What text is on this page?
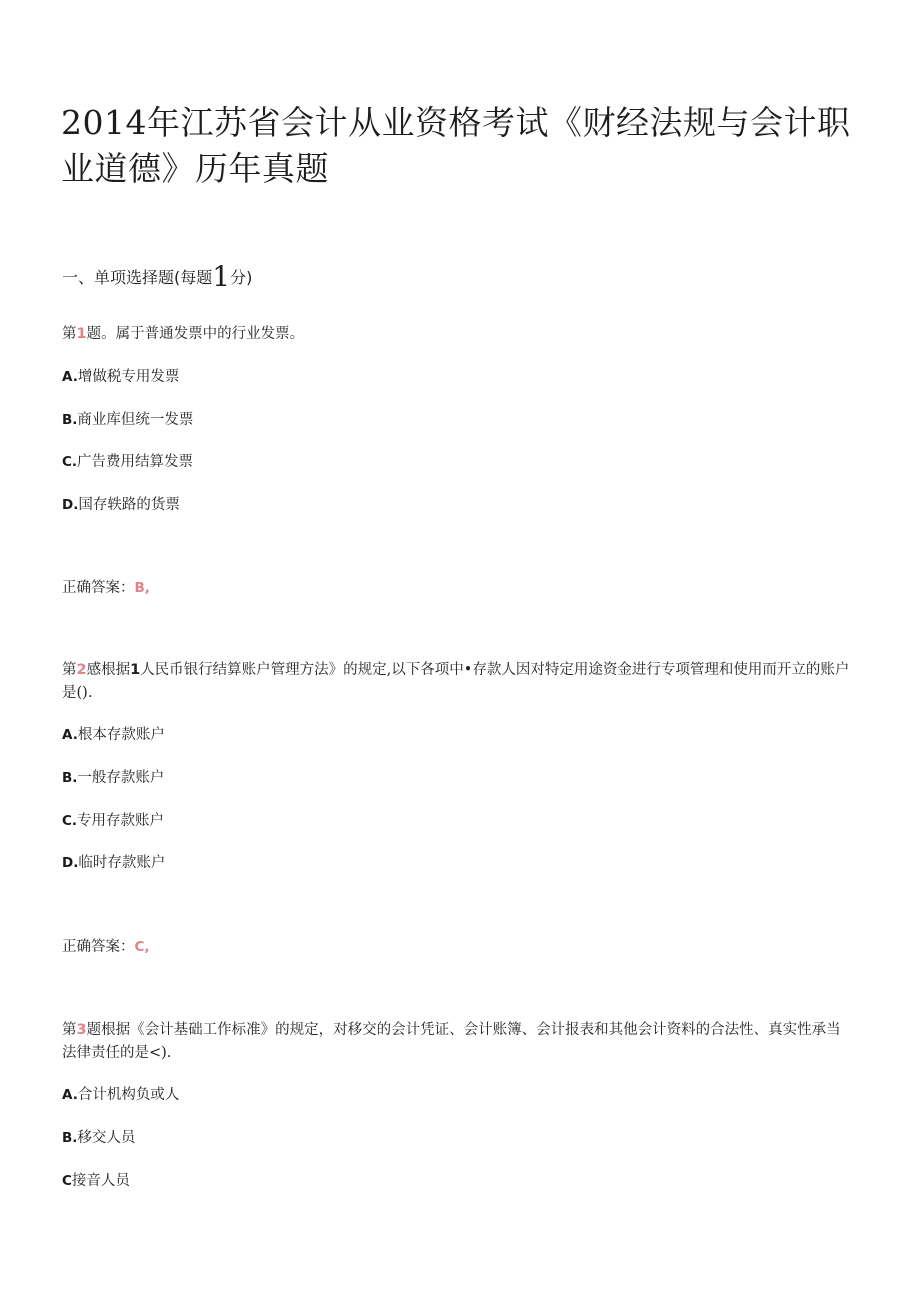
2014年江苏省会计从业资格考试《财经法规与会计职业道德》历年真题
一、单项选择题(每题1分)

第1题。属于普通发票中的行业发票。

A.增做税专用发票

B.商业库但统一发票

C.广告费用结算发票

D.国存轶路的货票

正确答案：B,

第2感根据1人民币银行结算账户管理方法》的规定,以下各项中•存款人因对特定用途资金进行专项管理和使用而开立的账户是().

A.根本存款账户

B.一般存款账户

C.专用存款账户

D.临时存款账户

正确答案：C,

第3题根据《会计基础工作标准》的规定，对移交的会计凭证、会计账簿、会计报表和其他会计资料的合法性、真实性承当法律责任的是<).

A.合计机构负或人

B.移交人员

C接音人员
